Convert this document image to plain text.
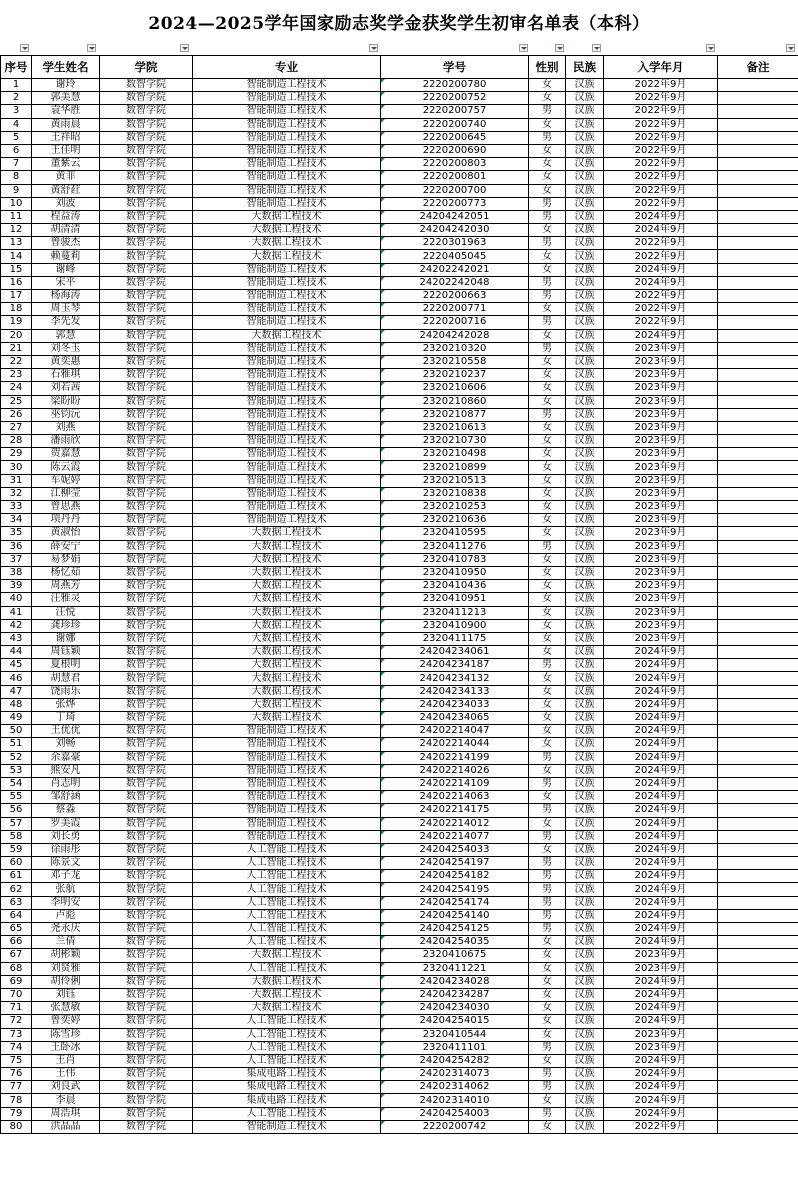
2024—2025学年国家励志奖学金获奖学生初审名单表（本科）
序号	学生姓名	学院	专业	学号	性别	民族	入学年月	备注
1	谢玲	数智学院	智能制造工程技术	2220200780	女	汉族	2022年9月	
2	郭美慧	数智学院	智能制造工程技术	2220200752	女	汉族	2022年9月	
3	袁华胜	数智学院	智能制造工程技术	2220200757	男	汉族	2022年9月	
4	黄雨晨	数智学院	智能制造工程技术	2220200740	女	汉族	2022年9月	
5	王祥昭	数智学院	智能制造工程技术	2220200645	男	汉族	2022年9月	
6	王佳明	数智学院	智能制造工程技术	2220200690	女	汉族	2022年9月	
7	董紫云	数智学院	智能制造工程技术	2220200803	女	汉族	2022年9月	
8	黄菲	数智学院	智能制造工程技术	2220200801	女	汉族	2022年9月	
9	黄舒荭	数智学院	智能制造工程技术	2220200700	女	汉族	2022年9月	
10	刘波	数智学院	智能制造工程技术	2220200773	男	汉族	2022年9月	
11	程益涛	数智学院	大数据工程技术	24204242051	男	汉族	2024年9月	
12	胡清清	数智学院	大数据工程技术	24204242030	女	汉族	2024年9月	
13	曾骏杰	数智学院	大数据工程技术	2220301963	男	汉族	2022年9月	
14	赖蔓莉	数智学院	大数据工程技术	2220405045	女	汉族	2022年9月	
15	谢峰	数智学院	智能制造工程技术	24202242021	女	汉族	2024年9月	
16	宋平	数智学院	智能制造工程技术	24202242048	男	汉族	2024年9月	
17	杨海涛	数智学院	智能制造工程技术	2220200663	男	汉族	2022年9月	
18	周玉琴	数智学院	智能制造工程技术	2220200771	女	汉族	2022年9月	
19	李先发	数智学院	智能制造工程技术	2220200716	男	汉族	2022年9月	
20	郭慧	数智学院	大数据工程技术	24204242028	女	汉族	2024年9月	
21	刘冬玉	数智学院	智能制造工程技术	2320210320	男	汉族	2023年9月	
22	黄奕惠	数智学院	智能制造工程技术	2320210558	女	汉族	2023年9月	
23	石雅琪	数智学院	智能制造工程技术	2320210237	女	汉族	2023年9月	
24	刘若茜	数智学院	智能制造工程技术	2320210606	女	汉族	2023年9月	
25	梁盼盼	数智学院	智能制造工程技术	2320210860	女	汉族	2023年9月	
26	巫钧沅	数智学院	智能制造工程技术	2320210877	男	汉族	2023年9月	
27	刘燕	数智学院	智能制造工程技术	2320210613	女	汉族	2023年9月	
28	潘雨欣	数智学院	智能制造工程技术	2320210730	女	汉族	2023年9月	
29	贺嘉慧	数智学院	智能制造工程技术	2320210498	女	汉族	2023年9月	
30	陈云霞	数智学院	智能制造工程技术	2320210899	女	汉族	2023年9月	
31	车妮婷	数智学院	智能制造工程技术	2320210513	女	汉族	2023年9月	
32	江柳莹	数智学院	智能制造工程技术	2320210838	女	汉族	2023年9月	
33	曾思燕	数智学院	智能制造工程技术	2320210253	女	汉族	2023年9月	
34	项丹丹	数智学院	智能制造工程技术	2320210636	女	汉族	2023年9月	
35	黄淑怡	数智学院	大数据工程技术	2320410595	女	汉族	2023年9月	
36	薛安宁	数智学院	大数据工程技术	2320411276	男	汉族	2023年9月	
37	易梦娟	数智学院	大数据工程技术	2320410783	女	汉族	2023年9月	
38	杨忆茹	数智学院	大数据工程技术	2320410950	女	汉族	2023年9月	
39	周燕芳	数智学院	大数据工程技术	2320410436	女	汉族	2023年9月	
40	汪雅灵	数智学院	大数据工程技术	2320410951	女	汉族	2023年9月	
41	汪悦	数智学院	大数据工程技术	2320411213	女	汉族	2023年9月	
42	龚珍珍	数智学院	大数据工程技术	2320410900	女	汉族	2023年9月	
43	谢娜	数智学院	大数据工程技术	2320411175	女	汉族	2023年9月	
44	周钰颖	数智学院	大数据工程技术	24204234061	女	汉族	2024年9月	
45	夏根明	数智学院	大数据工程技术	24204234187	男	汉族	2024年9月	
46	胡慧君	数智学院	大数据工程技术	24204234132	女	汉族	2024年9月	
47	饶雨乐	数智学院	大数据工程技术	24204234133	女	汉族	2024年9月	
48	张烨	数智学院	大数据工程技术	24204234033	女	汉族	2024年9月	
49	丁琦	数智学院	大数据工程技术	24204234065	女	汉族	2024年9月	
50	王优优	数智学院	智能制造工程技术	24202214047	女	汉族	2024年9月	
51	刘畅	数智学院	智能制造工程技术	24202214044	女	汉族	2024年9月	
52	余嘉豪	数智学院	智能制造工程技术	24202214199	男	汉族	2024年9月	
53	熊安凡	数智学院	智能制造工程技术	24202214026	女	汉族	2024年9月	
54	肖志明	数智学院	智能制造工程技术	24202214109	男	汉族	2024年9月	
55	邹舒涵	数智学院	智能制造工程技术	24202214063	女	汉族	2024年9月	
56	蔡淼	数智学院	智能制造工程技术	24202214175	男	汉族	2024年9月	
57	罗美霞	数智学院	智能制造工程技术	24202214012	女	汉族	2024年9月	
58	刘长勇	数智学院	智能制造工程技术	24202214077	男	汉族	2024年9月	
59	徐雨彤	数智学院	人工智能工程技术	24204254033	女	汉族	2024年9月	
60	陈景文	数智学院	人工智能工程技术	24204254197	男	汉族	2024年9月	
61	邓子龙	数智学院	人工智能工程技术	24204254182	男	汉族	2024年9月	
62	张航	数智学院	人工智能工程技术	24204254195	男	汉族	2024年9月	
63	李明安	数智学院	人工智能工程技术	24204254174	男	汉族	2024年9月	
64	卢彪	数智学院	人工智能工程技术	24204254140	男	汉族	2024年9月	
65	尧永庆	数智学院	人工智能工程技术	24204254125	男	汉族	2024年9月	
66	兰倩	数智学院	人工智能工程技术	24204254035	女	汉族	2024年9月	
67	胡彬颖	数智学院	大数据工程技术	2320410675	女	汉族	2023年9月	
68	刘贤雅	数智学院	人工智能工程技术	2320411221	女	汉族	2023年9月	
69	胡伶俐	数智学院	大数据工程技术	24204234028	女	汉族	2024年9月	
70	刘钰	数智学院	大数据工程技术	24204234287	女	汉族	2024年9月	
71	张慧敏	数智学院	大数据工程技术	24204234030	女	汉族	2024年9月	
72	曾奕婷	数智学院	人工智能工程技术	24204254015	女	汉族	2024年9月	
73	陈雪珍	数智学院	人工智能工程技术	2320410544	女	汉族	2023年9月	
74	王卧冰	数智学院	人工智能工程技术	2320411101	男	汉族	2023年9月	
75	王肖	数智学院	人工智能工程技术	24204254282	女	汉族	2024年9月	
76	王伟	数智学院	集成电路工程技术	24202314073	男	汉族	2024年9月	
77	刘良武	数智学院	集成电路工程技术	24202314062	男	汉族	2024年9月	
78	李晨	数智学院	集成电路工程技术	24202314010	女	汉族	2024年9月	
79	周浩琪	数智学院	人工智能工程技术	24204254003	男	汉族	2024年9月	
80	洪晶晶	数智学院	智能制造工程技术	2220200742	女	汉族	2022年9月	
